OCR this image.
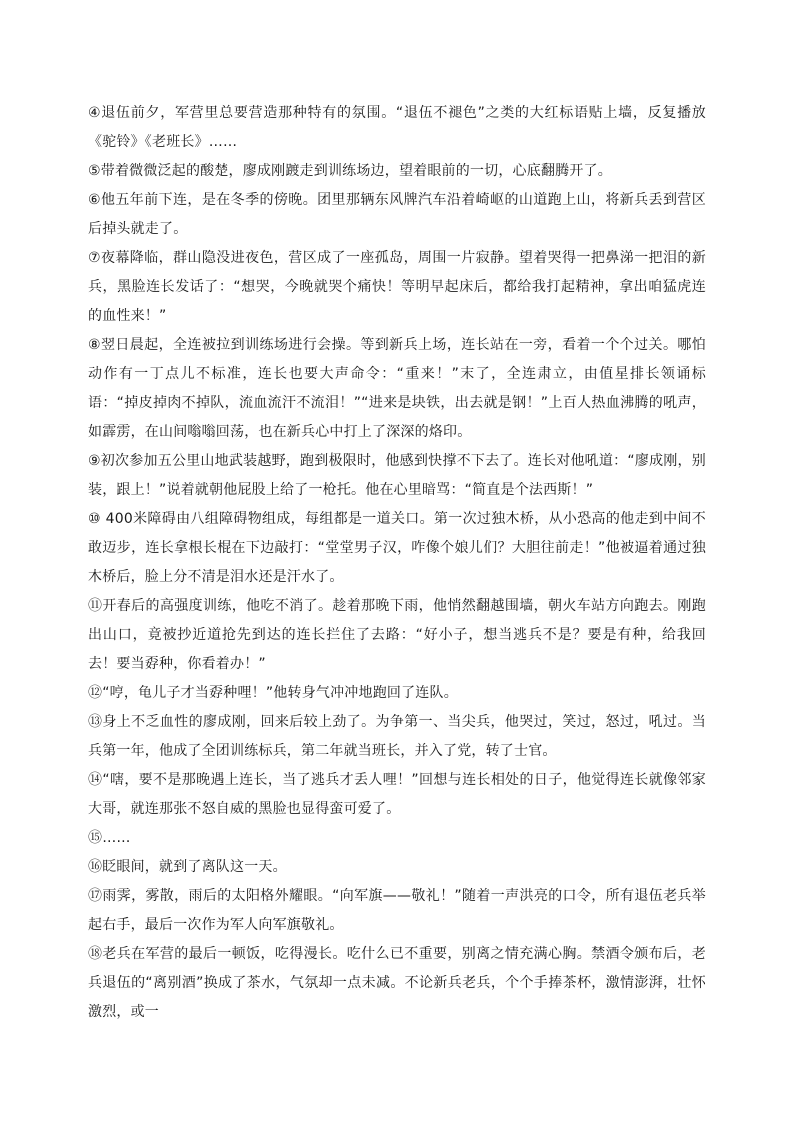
④退伍前夕，军营里总要营造那种特有的氛围。“退伍不褪色”之类的大红标语贴上墙，反复播放《驼铃》《老班长》……

⑤带着微微泛起的酸楚，廖成刚踱走到训练场边，望着眼前的一切，心底翻腾开了。

⑥他五年前下连，是在冬季的傍晚。团里那辆东风牌汽车沿着崎岖的山道跑上山，将新兵丢到营区后掉头就走了。

⑦夜幕降临，群山隐没进夜色，营区成了一座孤岛，周围一片寂静。望着哭得一把鼻涕一把泪的新兵，黑脸连长发话了：“想哭，今晚就哭个痛快！等明早起床后，都给我打起精神，拿出咱猛虎连的血性来！”

⑧翌日晨起，全连被拉到训练场进行会操。等到新兵上场，连长站在一旁，看着一个个过关。哪怕动作有一丁点儿不标准，连长也要大声命令：“重来！”末了，全连肃立，由值星排长领诵标语：“掉皮掉肉不掉队，流血流汗不流泪！”“进来是块铁，出去就是钢！”上百人热血沸腾的吼声，如霹雳，在山间嗡嗡回荡，也在新兵心中打上了深深的烙印。

⑨初次参加五公里山地武装越野，跑到极限时，他感到快撑不下去了。连长对他吼道：“廖成刚，别装，跟上！”说着就朝他屁股上给了一枪托。他在心里暗骂：“简直是个法西斯！”

⑩ 400米障碍由八组障碍物组成，每组都是一道关口。第一次过独木桥，从小恐高的他走到中间不敢迈步，连长拿根长棍在下边敲打：“堂堂男子汉，咋像个娘儿们？大胆往前走！”他被逼着通过独木桥后，脸上分不清是泪水还是汗水了。

⑪开春后的高强度训练，他吃不消了。趁着那晚下雨，他悄然翻越围墙，朝火车站方向跑去。刚跑出山口，竟被抄近道抢先到达的连长拦住了去路：“好小子，想当逃兵不是？要是有种，给我回去！要当孬种，你看着办！”

⑫“哼，龟儿子才当孬种哩！”他转身气冲冲地跑回了连队。

⑬身上不乏血性的廖成刚，回来后较上劲了。为争第一、当尖兵，他哭过，笑过，怒过，吼过。当兵第一年，他成了全团训练标兵，第二年就当班长，并入了党，转了士官。

⑭“嗐，要不是那晚遇上连长，当了逃兵才丢人哩！”回想与连长相处的日子，他觉得连长就像邻家大哥，就连那张不怒自威的黑脸也显得蛮可爱了。

⑮……

⑯眨眼间，就到了离队这一天。

⑰雨霁，雾散，雨后的太阳格外耀眼。“向军旗——敬礼！”随着一声洪亮的口令，所有退伍老兵举起右手，最后一次作为军人向军旗敬礼。

⑱老兵在军营的最后一顿饭，吃得漫长。吃什么已不重要，别离之情充满心胸。禁酒令颁布后，老兵退伍的“离别酒”换成了茶水，气氛却一点未减。不论新兵老兵，个个手捧茶杯，激情澎湃，壮怀激烈，或一
